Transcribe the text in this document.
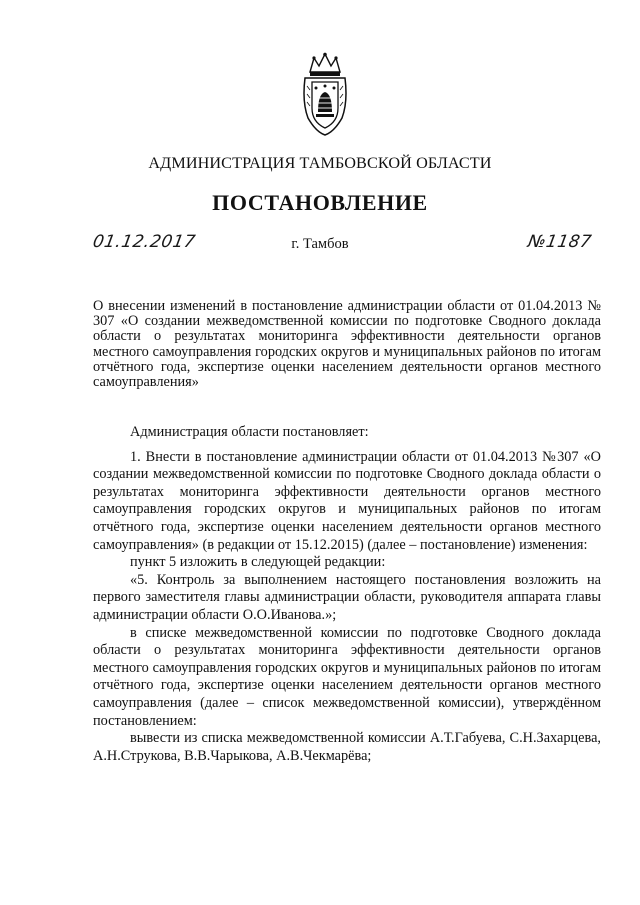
АДМИНИСТРАЦИЯ ТАМБОВСКОЙ ОБЛАСТИ
ПОСТАНОВЛЕНИЕ
01.12.2017	г. Тамбов	№1187
О внесении изменений в постановление администрации области от 01.04.2013 № 307 «О создании межведомственной комиссии по подготовке Сводного доклада области о результатах мониторинга эффективности деятельности органов местного самоуправления городских округов и муниципальных районов по итогам отчётного года, экспертизе оценки населением деятельности органов местного самоуправления»

Администрация области постановляет:

1. Внести в постановление администрации области от 01.04.2013 №307 «О создании межведомственной комиссии по подготовке Сводного доклада области о результатах мониторинга эффективности деятельности органов местного самоуправления городских округов и муниципальных районов по итогам отчётного года, экспертизе оценки населением деятельности органов местного самоуправления» (в редакции от 15.12.2015) (далее – постановление) изменения:

пункт 5 изложить в следующей редакции:

«5. Контроль за выполнением настоящего постановления возложить на первого заместителя главы администрации области, руководителя аппарата главы администрации области О.О.Иванова.»;

в списке межведомственной комиссии по подготовке Сводного доклада области о результатах мониторинга эффективности деятельности органов местного самоуправления городских округов и муниципальных районов по итогам отчётного года, экспертизе оценки населением деятельности органов местного самоуправления (далее – список межведомственной комиссии), утверждённом постановлением:

вывести из списка межведомственной комиссии А.Т.Габуева, С.Н.Захарцева, А.Н.Струкова, В.В.Чарыкова, А.В.Чекмарёва;
